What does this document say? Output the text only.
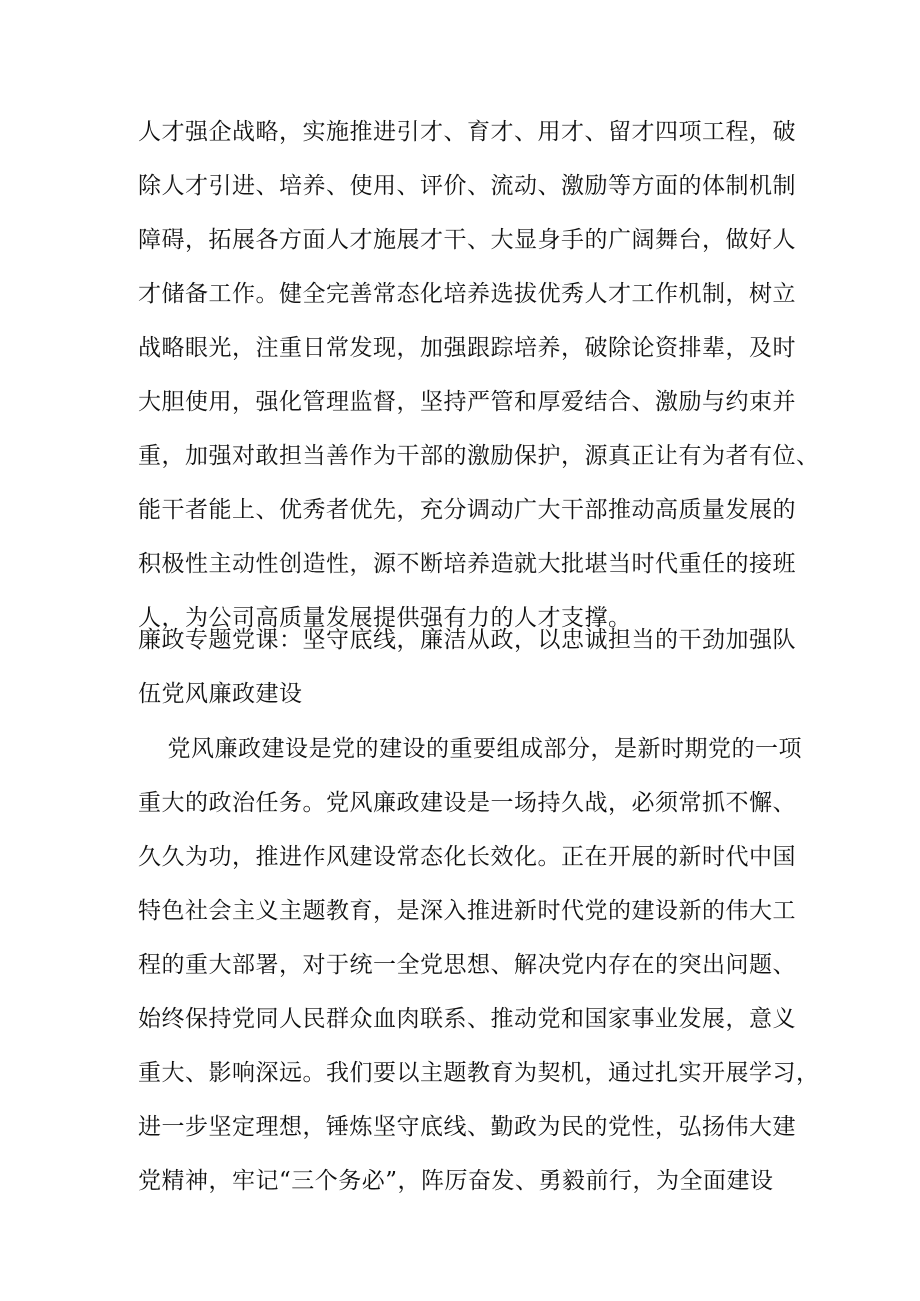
人才强企战略，实施推进引才、育才、用才、留才四项工程，破
除人才引进、培养、使用、评价、流动、激励等方面的体制机制
障碍，拓展各方面人才施展才干、大显身手的广阔舞台，做好人
才储备工作。健全完善常态化培养选拔优秀人才工作机制，树立
战略眼光，注重日常发现，加强跟踪培养，破除论资排辈，及时
大胆使用，强化管理监督，坚持严管和厚爱结合、激励与约束并
重，加强对敢担当善作为干部的激励保护，源真正让有为者有位、
能干者能上、优秀者优先，充分调动广大干部推动高质量发展的
积极性主动性创造性，源不断培养造就大批堪当时代重任的接班
人，为公司高质量发展提供强有力的人才支撑。
廉政专题党课：坚守底线，廉洁从政，以忠诚担当的干劲加强队
伍党风廉政建设
　党风廉政建设是党的建设的重要组成部分，是新时期党的一项
重大的政治任务。党风廉政建设是一场持久战，必须常抓不懈、
久久为功，推进作风建设常态化长效化。正在开展的新时代中国
特色社会主义主题教育，是深入推进新时代党的建设新的伟大工
程的重大部署，对于统一全党思想、解决党内存在的突出问题、
始终保持党同人民群众血肉联系、推动党和国家事业发展，意义
重大、影响深远。我们要以主题教育为契机，通过扎实开展学习，
进一步坚定理想，锤炼坚守底线、勤政为民的党性，弘扬伟大建
党精神，牢记“三个务必”，阵厉奋发、勇毅前行，为全面建设
